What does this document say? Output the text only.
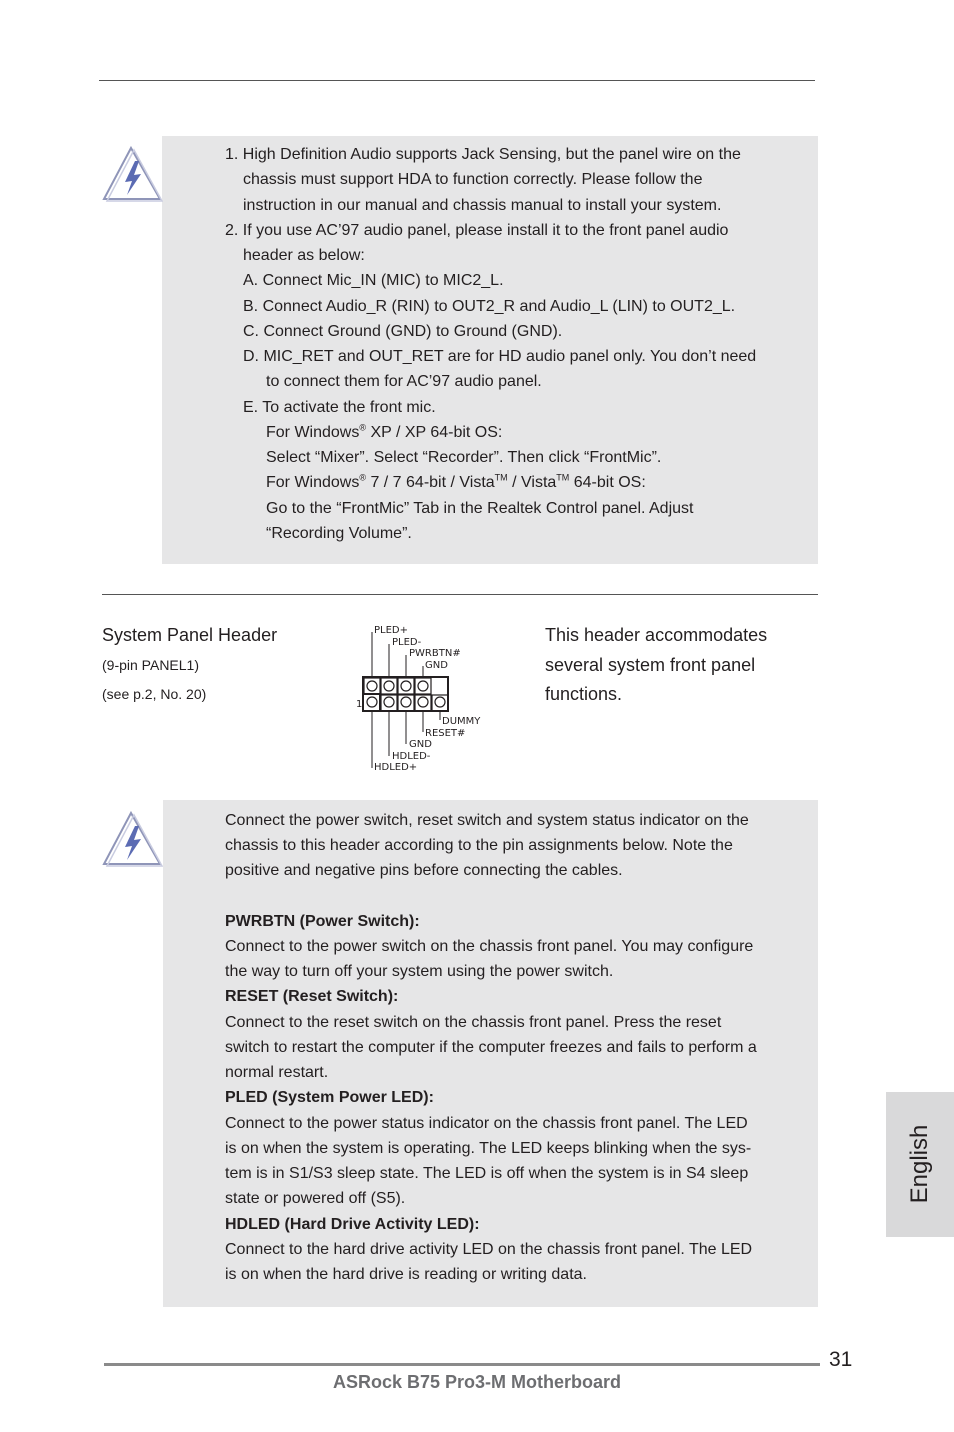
1. High Definition Audio supports Jack Sensing, but the panel wire on the
chassis must support HDA to function correctly. Please follow the
instruction in our manual and chassis manual to install your system.
2. If you use AC’97 audio panel, please install it to the front panel audio
header as below:
A. Connect Mic_IN (MIC) to MIC2_L.
B. Connect Audio_R (RIN) to OUT2_R and Audio_L (LIN) to OUT2_L.
C. Connect Ground (GND) to Ground (GND).
D. MIC_RET and OUT_RET are for HD audio panel only. You don’t need
to connect them for AC’97 audio panel.
E. To activate the front mic.
For Windows® XP / XP 64-bit OS:
Select “Mixer”. Select “Recorder”. Then click “FrontMic”.
For Windows® 7 / 7 64-bit / Vista™ / Vista™ 64-bit OS:
Go to the “FrontMic” Tab in the Realtek Control panel. Adjust
“Recording Volume”.
System Panel Header
(9-pin PANEL1)
(see p.2, No. 20)
PLED+
PLED-
PWRBTN#
GND
DUMMY
RESET#
GND
HDLED-
HDLED+
1
This header accommodates
several system front panel
functions.
Connect the power switch, reset switch and system status indicator on the
chassis to this header according to the pin assignments below. Note the
positive and negative pins before connecting the cables.
PWRBTN (Power Switch):
Connect to the power switch on the chassis front panel. You may configure
the way to turn off your system using the power switch.
RESET (Reset Switch):
Connect to the reset switch on the chassis front panel. Press the reset
switch to restart the computer if the computer freezes and fails to perform a
normal restart.
PLED (System Power LED):
Connect to the power status indicator on the chassis front panel. The LED
is on when the system is operating. The LED keeps blinking when the sys-
tem is in S1/S3 sleep state. The LED is off when the system is in S4 sleep
state or powered off (S5).
HDLED (Hard Drive Activity LED):
Connect to the hard drive activity LED on the chassis front panel. The LED
is on when the hard drive is reading or writing data.
English
31
ASRock B75 Pro3-M Motherboard
